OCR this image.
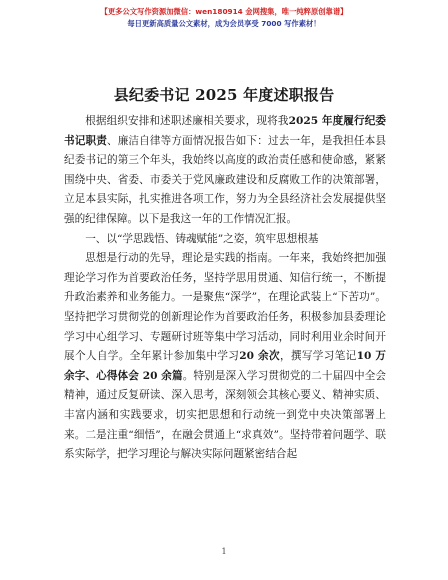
【更多公文写作资源加微信：wen180914 金网搜集，唯一纯粹原创靠谱】
每日更新高质量公文素材，成为会员享受 7000 写作素材！
县纪委书记 2025 年度述职报告

根据组织安排和述职述廉相关要求，现将我2025 年度履行纪委书记职责、廉洁自律等方面情况报告如下：过去一年，是我担任本县纪委书记的第三个年头，我始终以高度的政治责任感和使命感，紧紧围绕中央、省委、市委关于党风廉政建设和反腐败工作的决策部署，立足本县实际，扎实推进各项工作，努力为全县经济社会发展提供坚强的纪律保障。以下是我这一年的工作情况汇报。

一、以“学思践悟、铸魂赋能”之姿，筑牢思想根基

思想是行动的先导，理论是实践的指南。一年来，我始终把加强理论学习作为首要政治任务，坚持学思用贯通、知信行统一，不断提升政治素养和业务能力。一是聚焦“深学”，在理论武装上“下苦功”。坚持把学习贯彻党的创新理论作为首要政治任务，积极参加县委理论学习中心组学习、专题研讨班等集中学习活动，同时利用业余时间开展个人自学。全年累计参加集中学习20 余次，撰写学习笔记10 万余字、心得体会 20 余篇。特别是深入学习贯彻党的二十届四中全会精神，通过反复研读、深入思考，深刻领会其核心要义、精神实质、丰富内涵和实践要求，切实把思想和行动统一到党中央决策部署上来。二是注重“细悟”，在融会贯通上“求真效”。坚持带着问题学、联系实际学，把学习理论与解决实际问题紧密结合起

1
